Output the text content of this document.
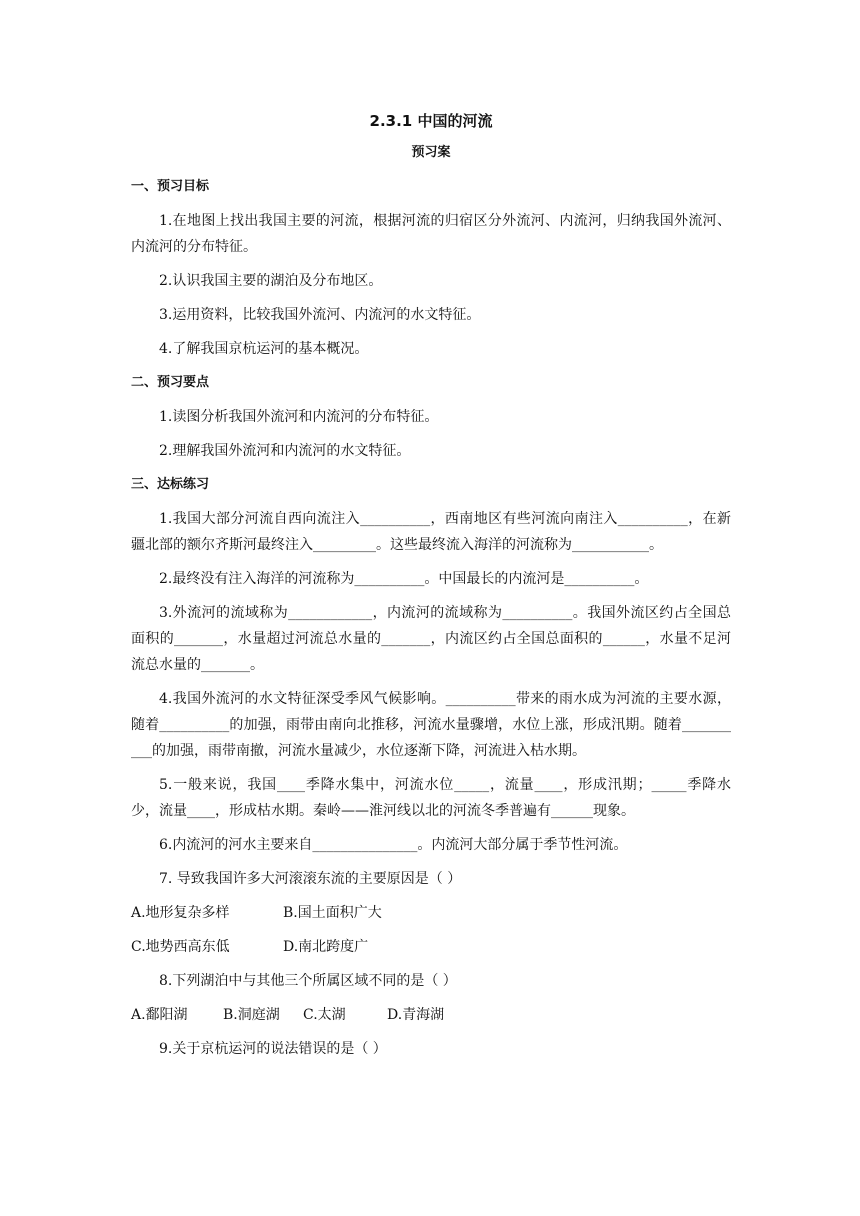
2.3.1 中国的河流
预习案
一、预习目标

1.在地图上找出我国主要的河流，根据河流的归宿区分外流河、内流河，归纳我国外流河、内流河的分布特征。

2.认识我国主要的湖泊及分布地区。

3.运用资料，比较我国外流河、内流河的水文特征。

4.了解我国京杭运河的基本概况。

二、预习要点

1.读图分析我国外流河和内流河的分布特征。

2.理解我国外流河和内流河的水文特征。

三、达标练习

1.我国大部分河流自西向流注入__________，西南地区有些河流向南注入__________，在新疆北部的额尔齐斯河最终注入_________。这些最终流入海洋的河流称为___________。

2.最终没有注入海洋的河流称为__________。中国最长的内流河是__________。

3.外流河的流域称为____________，内流河的流域称为__________。我国外流区约占全国总面积的_______，水量超过河流总水量的_______，内流区约占全国总面积的______，水量不足河流总水量的_______。

4.我国外流河的水文特征深受季风气候影响。__________带来的雨水成为河流的主要水源，随着__________的加强，雨带由南向北推移，河流水量骤增，水位上涨，形成汛期。随着__________的加强，雨带南撤，河流水量减少，水位逐渐下降，河流进入枯水期。

5.一般来说，我国____季降水集中，河流水位_____，流量____，形成汛期；_____季降水少，流量____，形成枯水期。秦岭——淮河线以北的河流冬季普遍有______现象。

6.内流河的河水主要来自_______________。内流河大部分属于季节性河流。

7. 导致我国许多大河滚滚东流的主要原因是（ ）

A.地形复杂多样	B.国土面积广大
C.地势西高东低	D.南北跨度广

8.下列湖泊中与其他三个所属区域不同的是（ ）

A.鄱阳湖	B.洞庭湖 C.太湖	D.青海湖

9.关于京杭运河的说法错误的是（ ）
